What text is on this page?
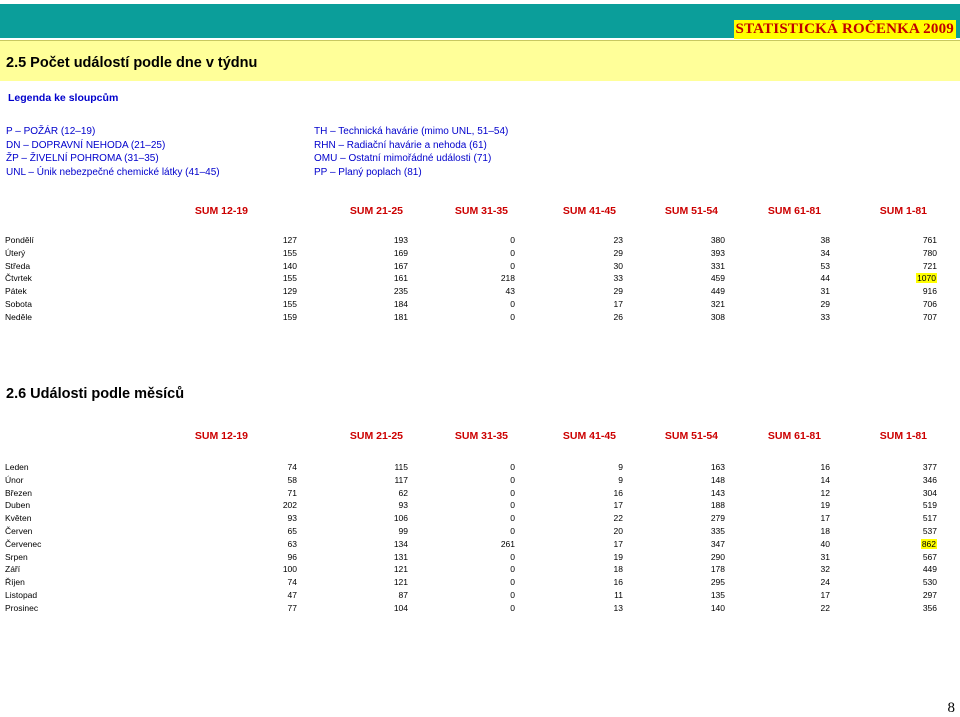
STATISTICKÁ ROČENKA 2009
2.5 Počet událostí podle dne v týdnu
Legenda ke sloupcům
P – POŽÁR (12–19)
DN – DOPRAVNÍ NEHODA (21–25)
ŽP – ŽIVELNÍ POHROMA (31–35)
UNL – Únik nebezpečné chemické látky (41–45)
TH – Technická havárie (mimo UNL, 51–54)
RHN – Radiační havárie a nehoda (61)
OMU – Ostatní mimořádné události (71)
PP – Planý poplach (81)
SUM 12-19	SUM 21-25	SUM 31-35	SUM 41-45	SUM 51-54	SUM 61-81	SUM 1-81
Pondělí	127	193	0	23	380	38	761
Úterý	155	169	0	29	393	34	780
Středa	140	167	0	30	331	53	721
Čtvrtek	155	161	218	33	459	44	1070
Pátek	129	235	43	29	449	31	916
Sobota	155	184	0	17	321	29	706
Neděle	159	181	0	26	308	33	707
2.6 Události podle měsíců
SUM 12-19	SUM 21-25	SUM 31-35	SUM 41-45	SUM 51-54	SUM 61-81	SUM 1-81
Leden	74	115	0	9	163	16	377
Únor	58	117	0	9	148	14	346
Březen	71	62	0	16	143	12	304
Duben	202	93	0	17	188	19	519
Květen	93	106	0	22	279	17	517
Červen	65	99	0	20	335	18	537
Červenec	63	134	261	17	347	40	862
Srpen	96	131	0	19	290	31	567
Září	100	121	0	18	178	32	449
Říjen	74	121	0	16	295	24	530
Listopad	47	87	0	11	135	17	297
Prosinec	77	104	0	13	140	22	356
8
